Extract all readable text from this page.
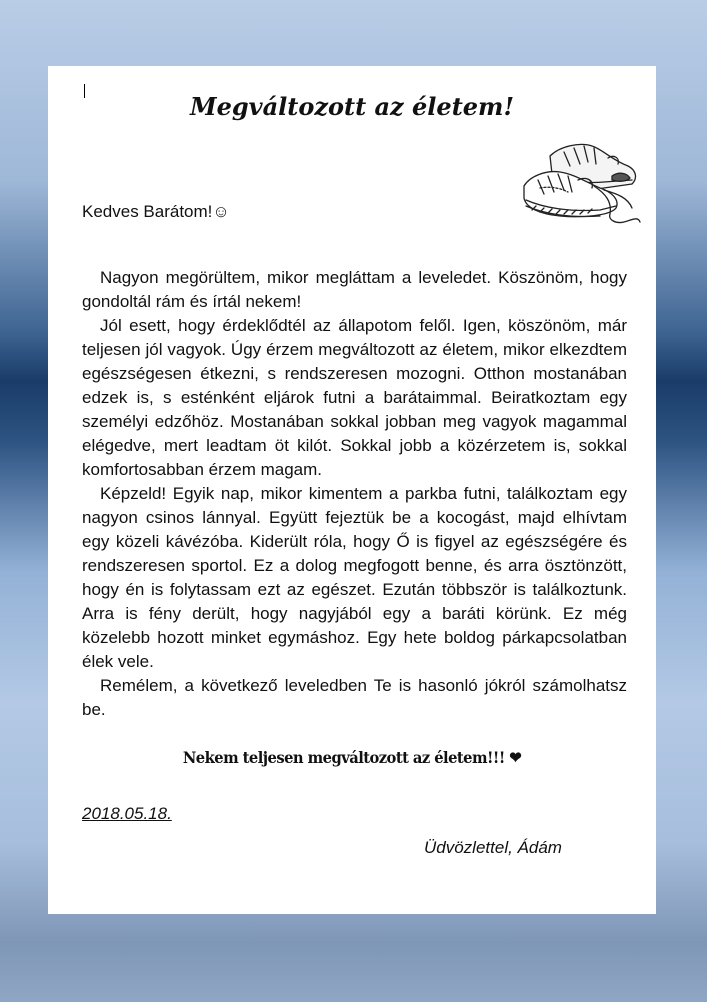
Megváltozott az életem!
Kedves Barátom!☺

Nagyon megörültem, mikor megláttam a leveledet. Köszönöm, hogy gondoltál rám és írtál nekem!

Jól esett, hogy érdeklődtél az állapotom felől. Igen, köszönöm, már teljesen jól vagyok. Úgy érzem megváltozott az életem, mikor elkezdtem egészségesen étkezni, s rendszeresen mozogni. Otthon mostanában edzek is, s esténként eljárok futni a barátaimmal. Beiratkoztam egy személyi edzőhöz. Mostanában sokkal jobban meg vagyok magammal elégedve, mert leadtam öt kilót. Sokkal jobb a közérzetem is, sokkal komfortosabban érzem magam.

Képzeld! Egyik nap, mikor kimentem a parkba futni, találkoztam egy nagyon csinos lánnyal. Együtt fejeztük be a kocogást, majd elhívtam egy közeli kávézóba. Kiderült róla, hogy Ő is figyel az egészségére és rendszeresen sportol. Ez a dolog megfogott benne, és arra ösztönzött, hogy én is folytassam ezt az egészet. Ezután többször is találkoztunk. Arra is fény derült, hogy nagyjából egy a baráti körünk. Ez még közelebb hozott minket egymáshoz. Egy hete boldog párkapcsolatban élek vele.

Remélem, a következő leveledben Te is hasonló jókról számolhatsz be.

Nekem teljesen megváltozott az életem!!! ❤
2018.05.18.
Üdvözlettel, Ádám
